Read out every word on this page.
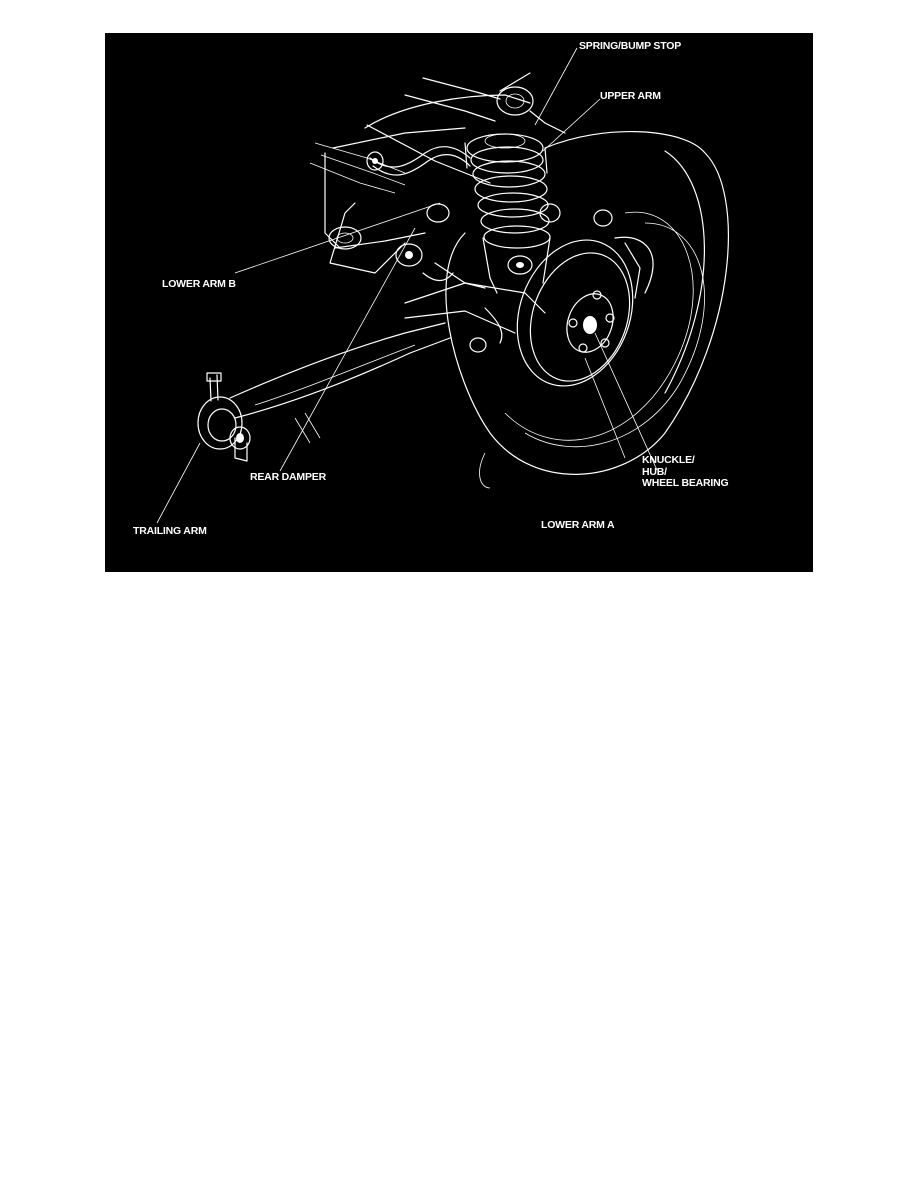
SPRING/BUMP STOP
UPPER ARM
LOWER ARM B
KNUCKLE/
HUB/
WHEEL BEARING
REAR DAMPER
TRAILING ARM	LOWER ARM A
